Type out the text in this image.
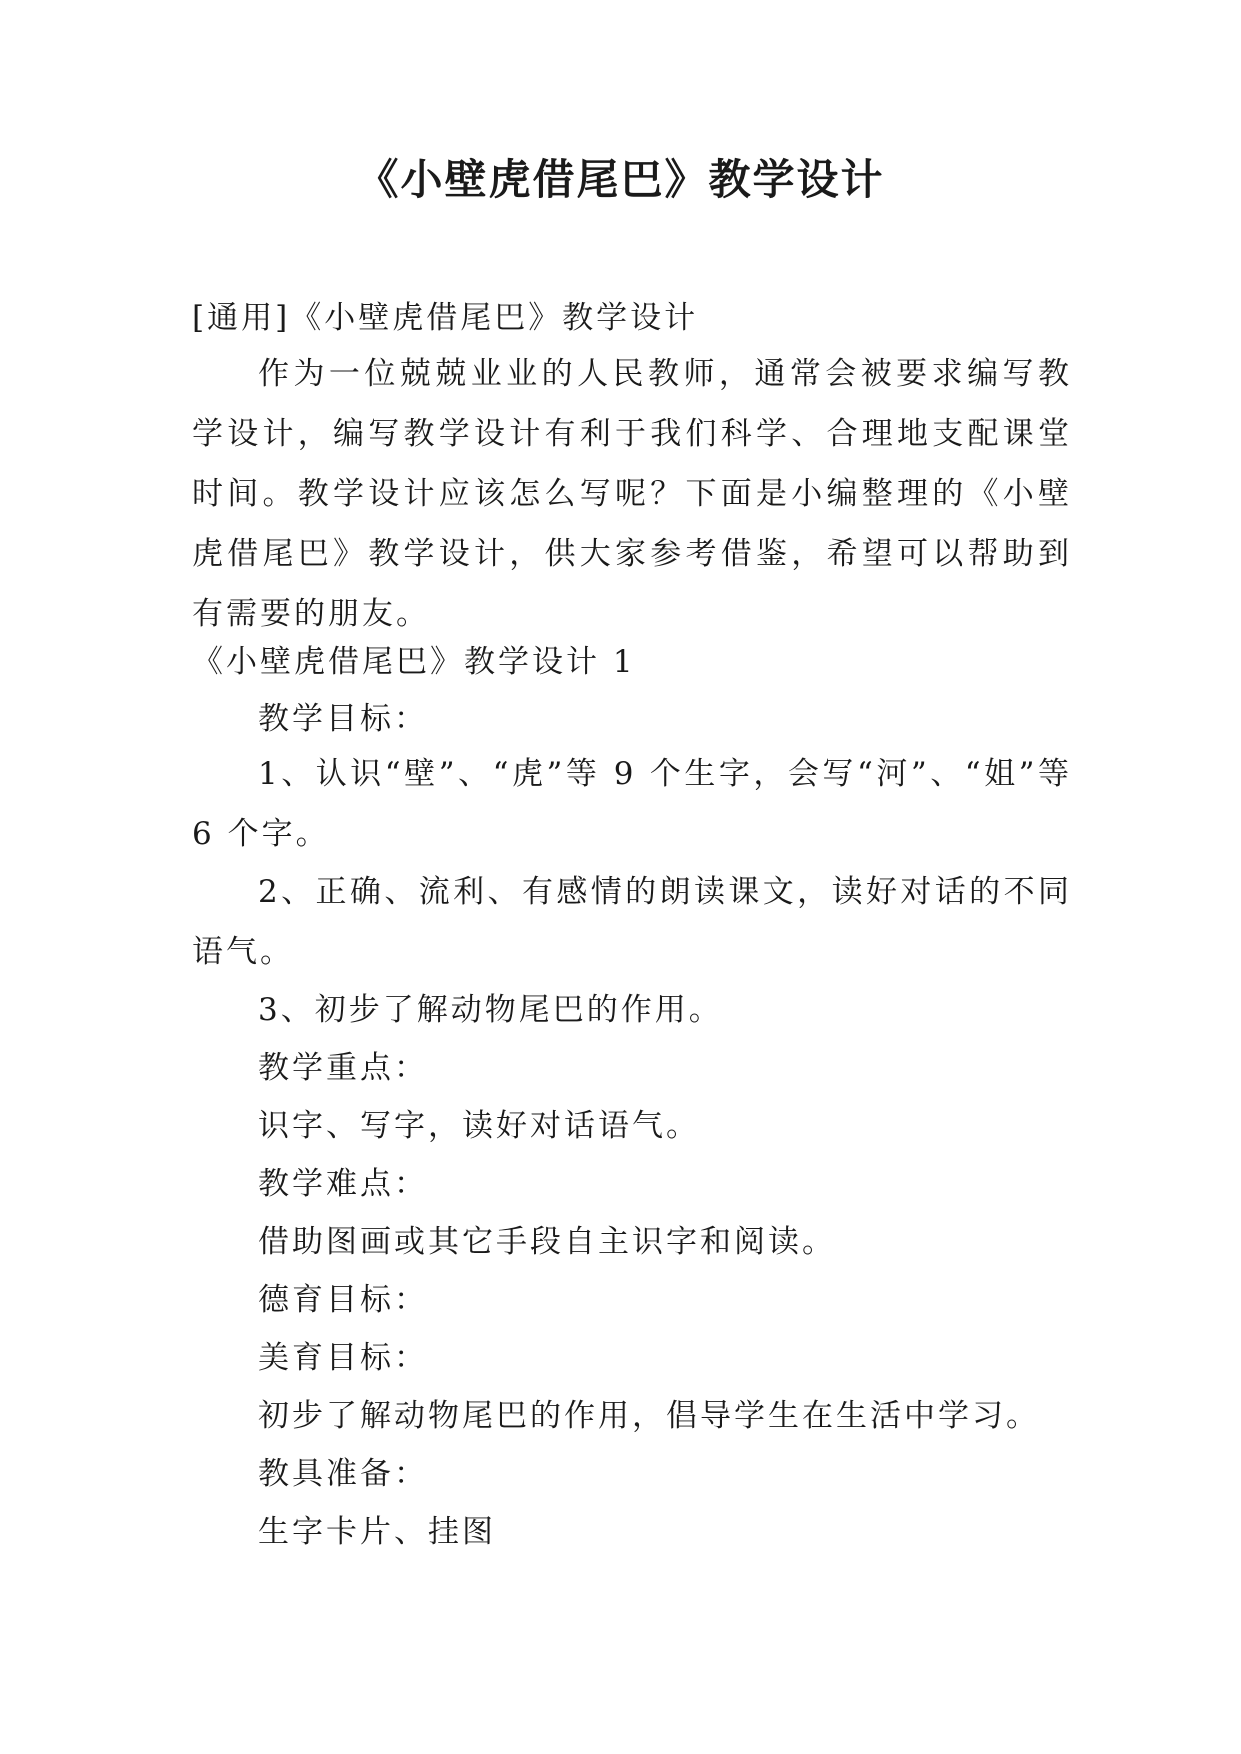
《小壁虎借尾巴》教学设计

[通用]《小壁虎借尾巴》教学设计

作为一位兢兢业业的人民教师，通常会被要求编写教学设计，编写教学设计有利于我们科学、合理地支配课堂时间。教学设计应该怎么写呢？下面是小编整理的《小壁虎借尾巴》教学设计，供大家参考借鉴，希望可以帮助到有需要的朋友。

《小壁虎借尾巴》教学设计 1

教学目标：

1、认识“壁”、“虎”等 9 个生字，会写“河”、“姐”等 6 个字。

2、正确、流利、有感情的朗读课文，读好对话的不同语气。

3、初步了解动物尾巴的作用。

教学重点：

识字、写字，读好对话语气。

教学难点：

借助图画或其它手段自主识字和阅读。

德育目标：

美育目标：

初步了解动物尾巴的作用，倡导学生在生活中学习。

教具准备：

生字卡片、挂图
